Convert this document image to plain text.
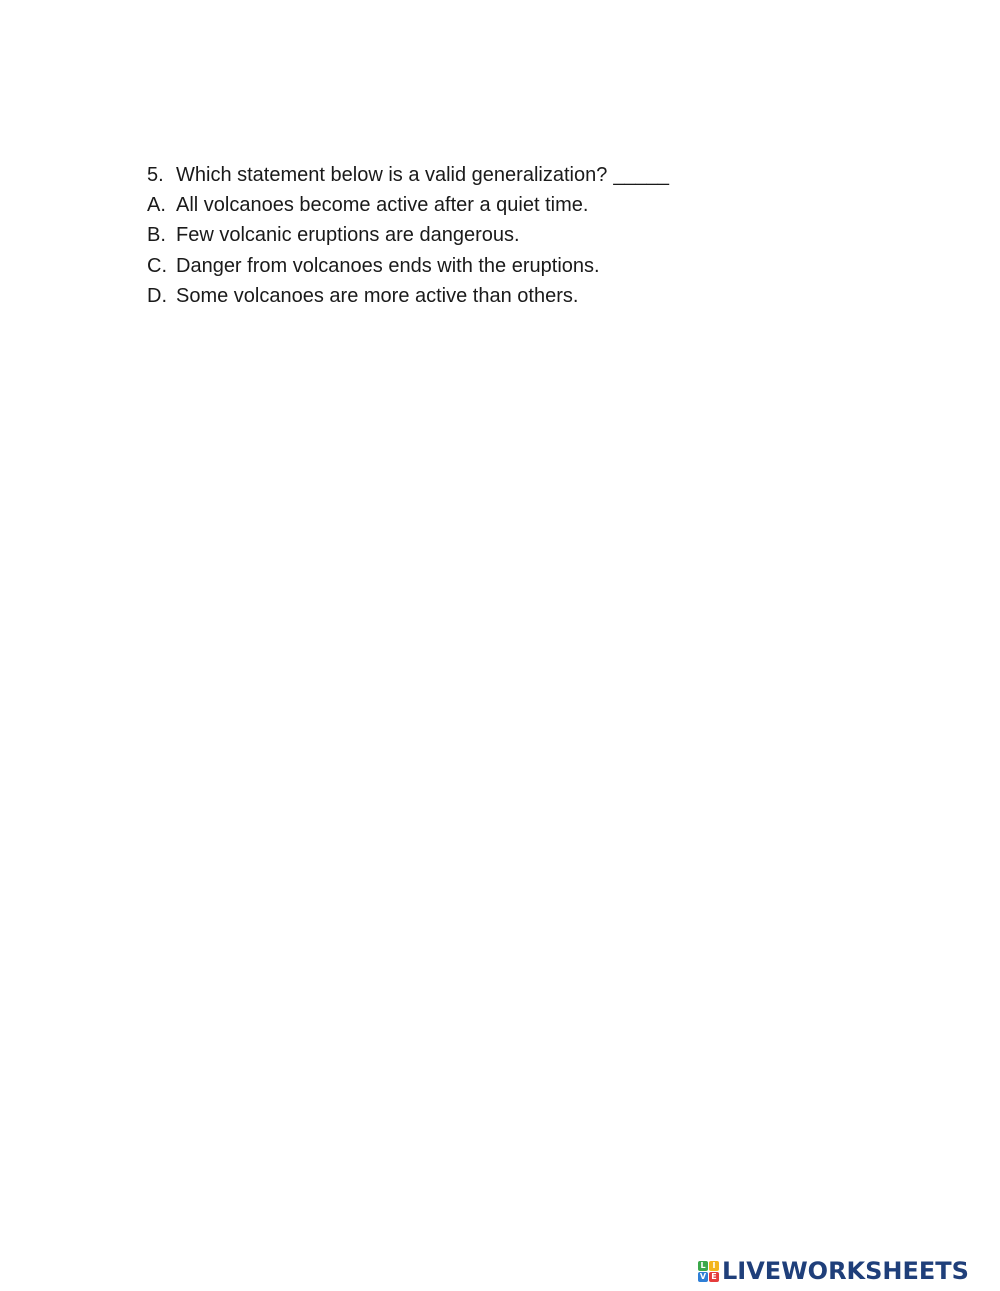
5. Which statement below is a valid generalization? _____
A. All volcanoes become active after a quiet time.
B. Few volcanic eruptions are dangerous.
C. Danger from volcanoes ends with the eruptions.
D. Some volcanoes are more active than others.
L I
V E LIVEWORKSHEETS
